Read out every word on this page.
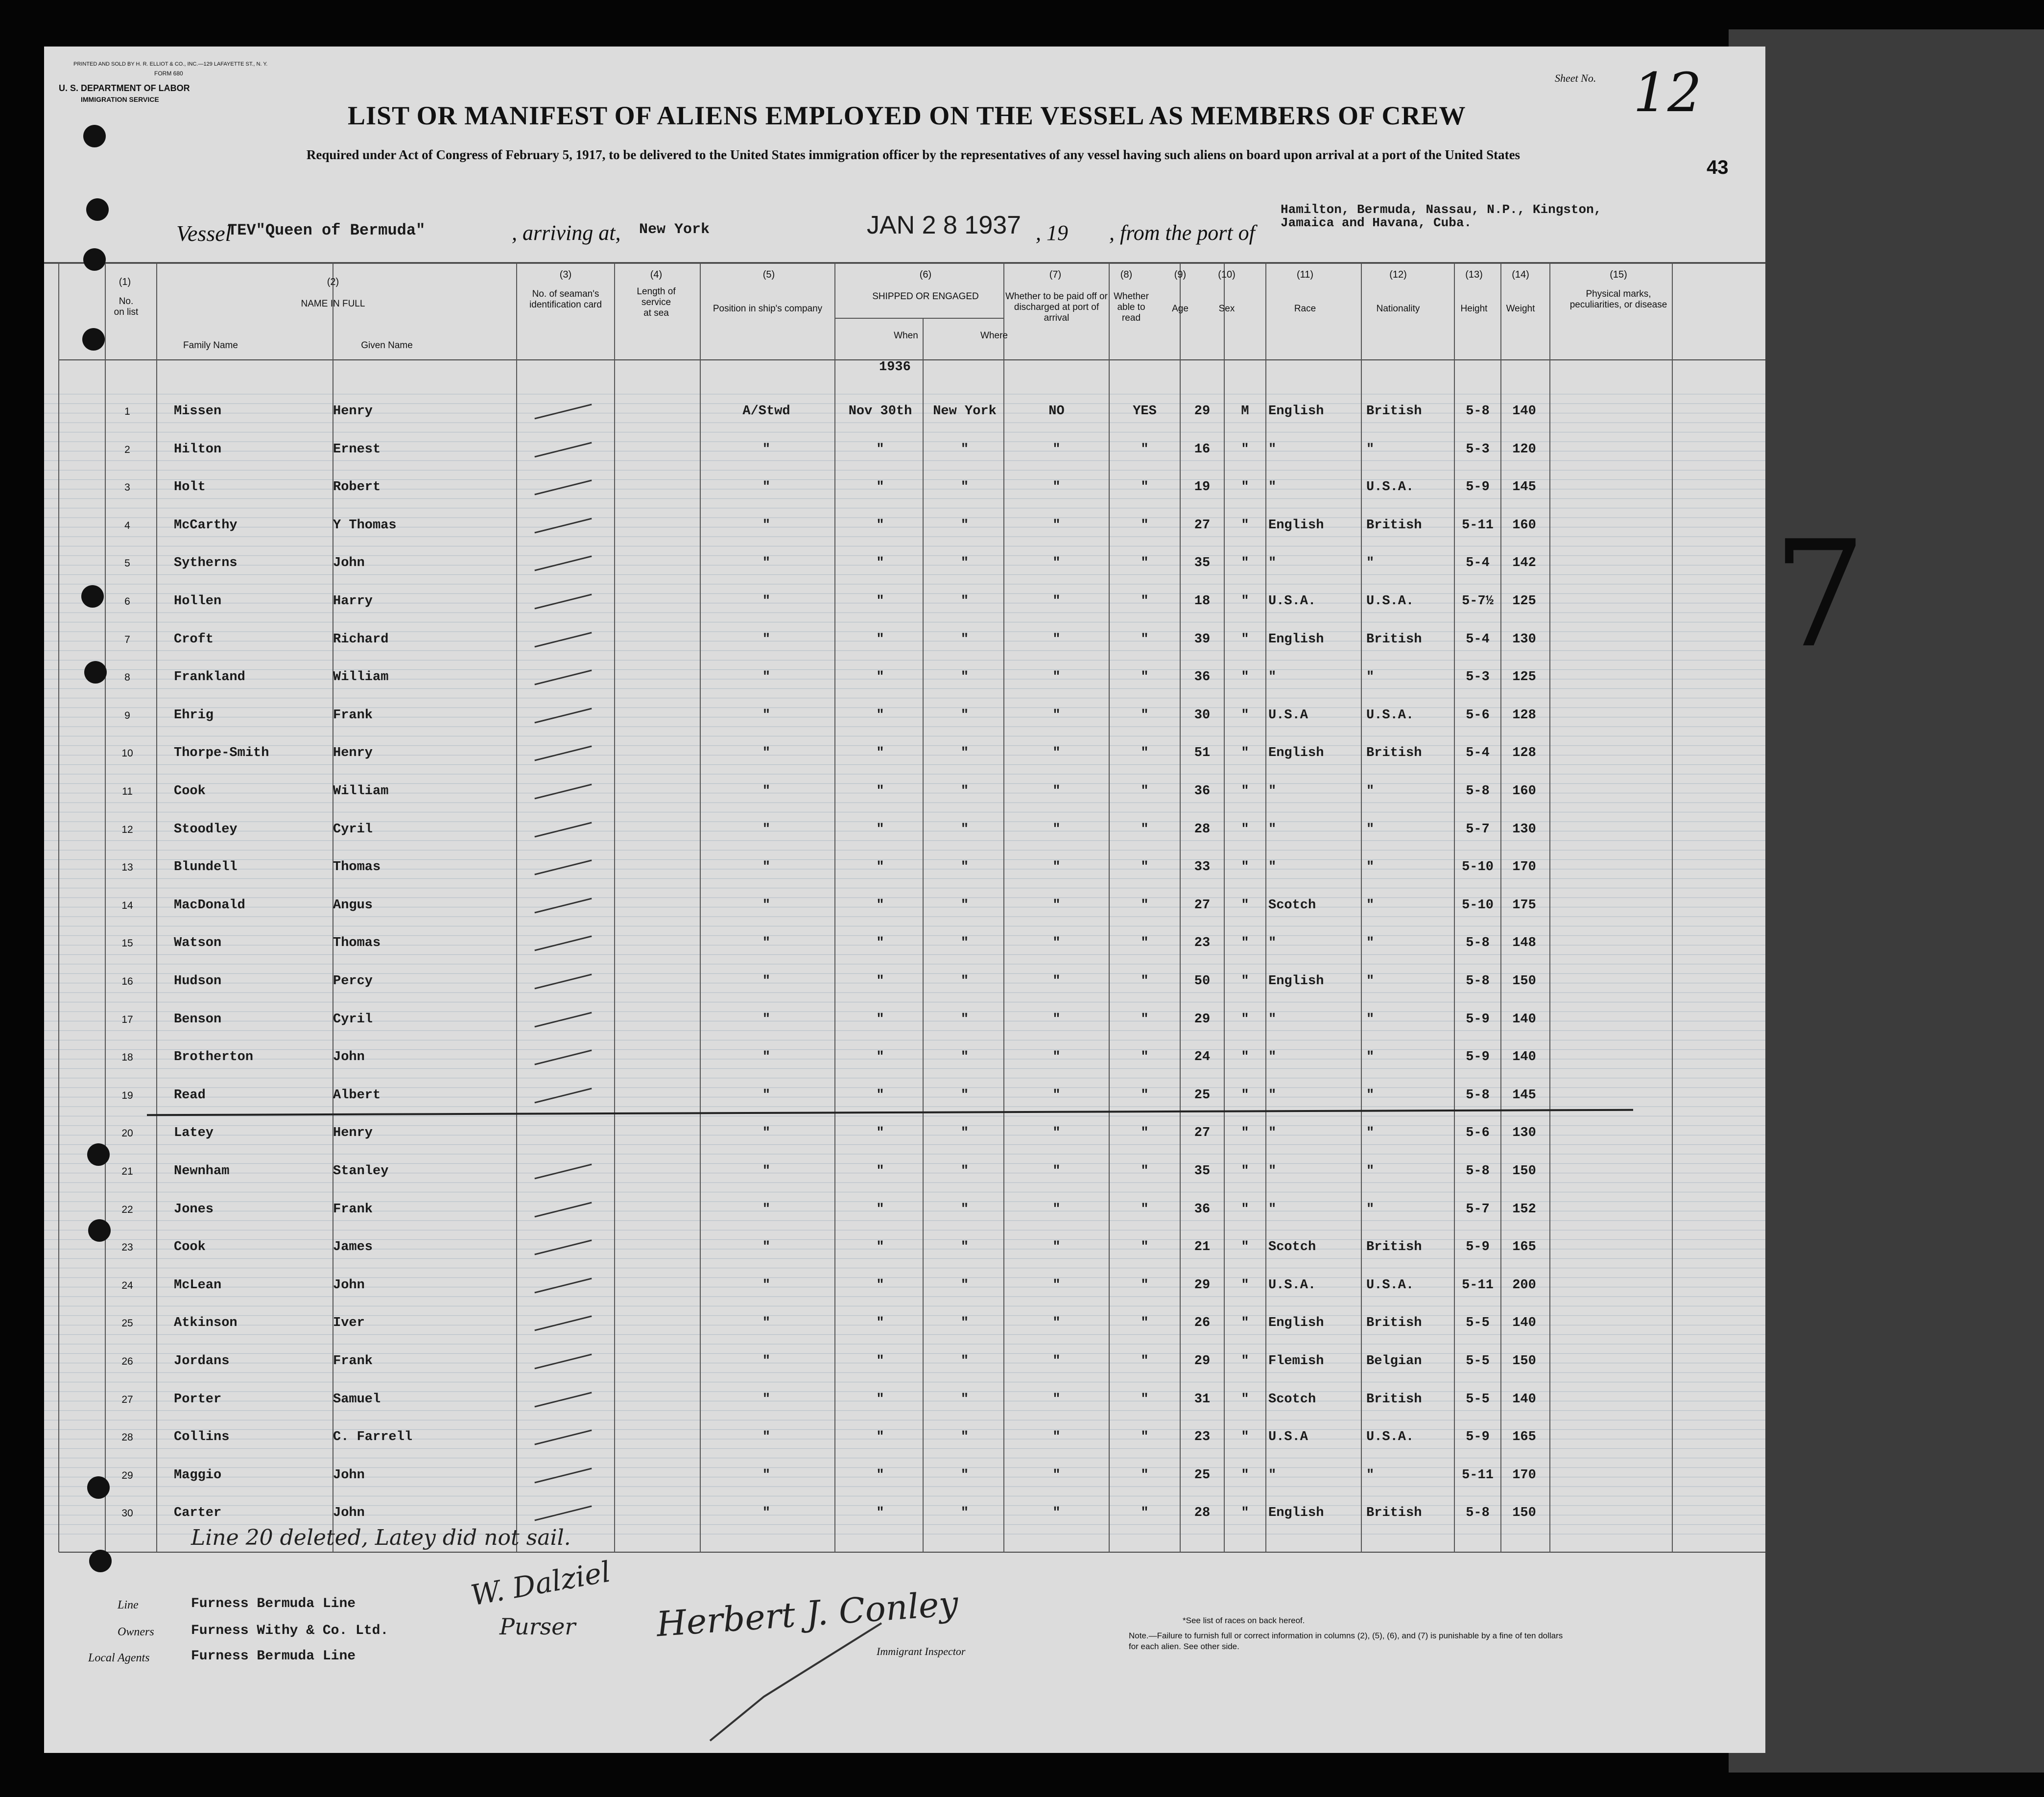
PRINTED AND SOLD BY H. R. ELLIOT & CO., INC.—129 LAFAYETTE ST., N. Y.
FORM 680
U. S. DEPARTMENT OF LABOR
IMMIGRATION SERVICE
Sheet No. 12
43
LIST OR MANIFEST OF ALIENS EMPLOYED ON THE VESSEL AS MEMBERS OF CREW
Required under Act of Congress of February 5, 1917, to be delivered to the United States immigration officer by the representatives of any vessel having such aliens on board upon arrival at a port of the United States
Vessel
TEV"Queen of Bermuda"	, arriving at, New York	JAN 2 8 1937 , 19 , from the port of
Hamilton, Bermuda, Nassau, N.P., Kingston,
Jamaica and Havana, Cuba.
(1)	(2)
(3)	(4)	(5)	(6)	(7)	(8)	(9)	(10)	(11)	(12)	(13)	(14)	(15)
No. on list
NAME IN FULL
Family Name	Given Name
No. of seaman's identification card
Length of service at sea	Position in ship's company
SHIPPED OR ENGAGED
When	Where
Whether to be paid off or discharged at port of arrival
Whether able to read
Age	Sex	Race	Nationality	Height	Weight
Physical marks, peculiarities, or disease
1936
1	Missen	Henry	A/Stwd	Nov 30th	New York	NO	YES	29	M	English	British	5-8	140
2	Hilton	Ernest	"	"	"	"	"	16	"	"	"	5-3	120
3	Holt	Robert	"	"	"	"	"	19	"	"	U.S.A.	5-9	145
4	McCarthy	Y Thomas	"	"	"	"	"	27	"	English	British	5-11	160
5	Sytherns	John	"	"	"	"	"	35	"	"	"	5-4	142
6	Hollen	Harry	"	"	"	"	"	18	"	U.S.A.	U.S.A.	5-7½	125
7	Croft	Richard	"	"	"	"	"	39	"	English	British	5-4	130
8	Frankland	William	"	"	"	"	"	36	"	"	"	5-3	125
9	Ehrig	Frank	"	"	"	"	"	30	"	U.S.A	U.S.A.	5-6	128
10	Thorpe-Smith	Henry	"	"	"	"	"	51	"	English	British	5-4	128
11	Cook	William	"	"	"	"	"	36	"	"	"	5-8	160
12	Stoodley	Cyril	"	"	"	"	"	28	"	"	"	5-7	130
13	Blundell	Thomas	"	"	"	"	"	33	"	"	"	5-10	170
14	MacDonald	Angus	"	"	"	"	"	27	"	Scotch	"	5-10	175
15	Watson	Thomas	"	"	"	"	"	23	"	"	"	5-8	148
16	Hudson	Percy	"	"	"	"	"	50	"	English	"	5-8	150
17	Benson	Cyril	"	"	"	"	"	29	"	"	"	5-9	140
18	Brotherton	John	"	"	"	"	"	24	"	"	"	5-9	140
19	Read	Albert	"	"	"	"	"	25	"	"	"	5-8	145
20	Latey	Henry	"	"	"	"	"	27	"	"	"	5-6	130
21	Newnham	Stanley	"	"	"	"	"	35	"	"	"	5-8	150
22	Jones	Frank	"	"	"	"	"	36	"	"	"	5-7	152
23	Cook	James	"	"	"	"	"	21	"	Scotch	British	5-9	165
24	McLean	John	"	"	"	"	"	29	"	U.S.A.	U.S.A.	5-11	200
25	Atkinson	Iver	"	"	"	"	"	26	"	English	British	5-5	140
26	Jordans	Frank	"	"	"	"	"	29	"	Flemish	Belgian	5-5	150
27	Porter	Samuel	"	"	"	"	"	31	"	Scotch	British	5-5	140
28	Collins	C. Farrell	"	"	"	"	"	23	"	U.S.A	U.S.A.	5-9	165
29	Maggio	John	"	"	"	"	"	25	"	"	"	5-11	170
30	Carter	John	"	"	"	"	"	28	"	English	British	5-8	150
Line 20 deleted, Latey did not sail.
Line	Furness Bermuda Line
Owners	Furness Withy & Co. Ltd.
Local Agents	Furness Bermuda Line
W. Dalziel
Purser Herbert J. Conley
Immigrant Inspector
*See list of races on back hereof.
Note.—Failure to furnish full or correct information in columns (2), (5), (6), and (7) is punishable by a fine of ten dollars for each alien. See other side.
7
